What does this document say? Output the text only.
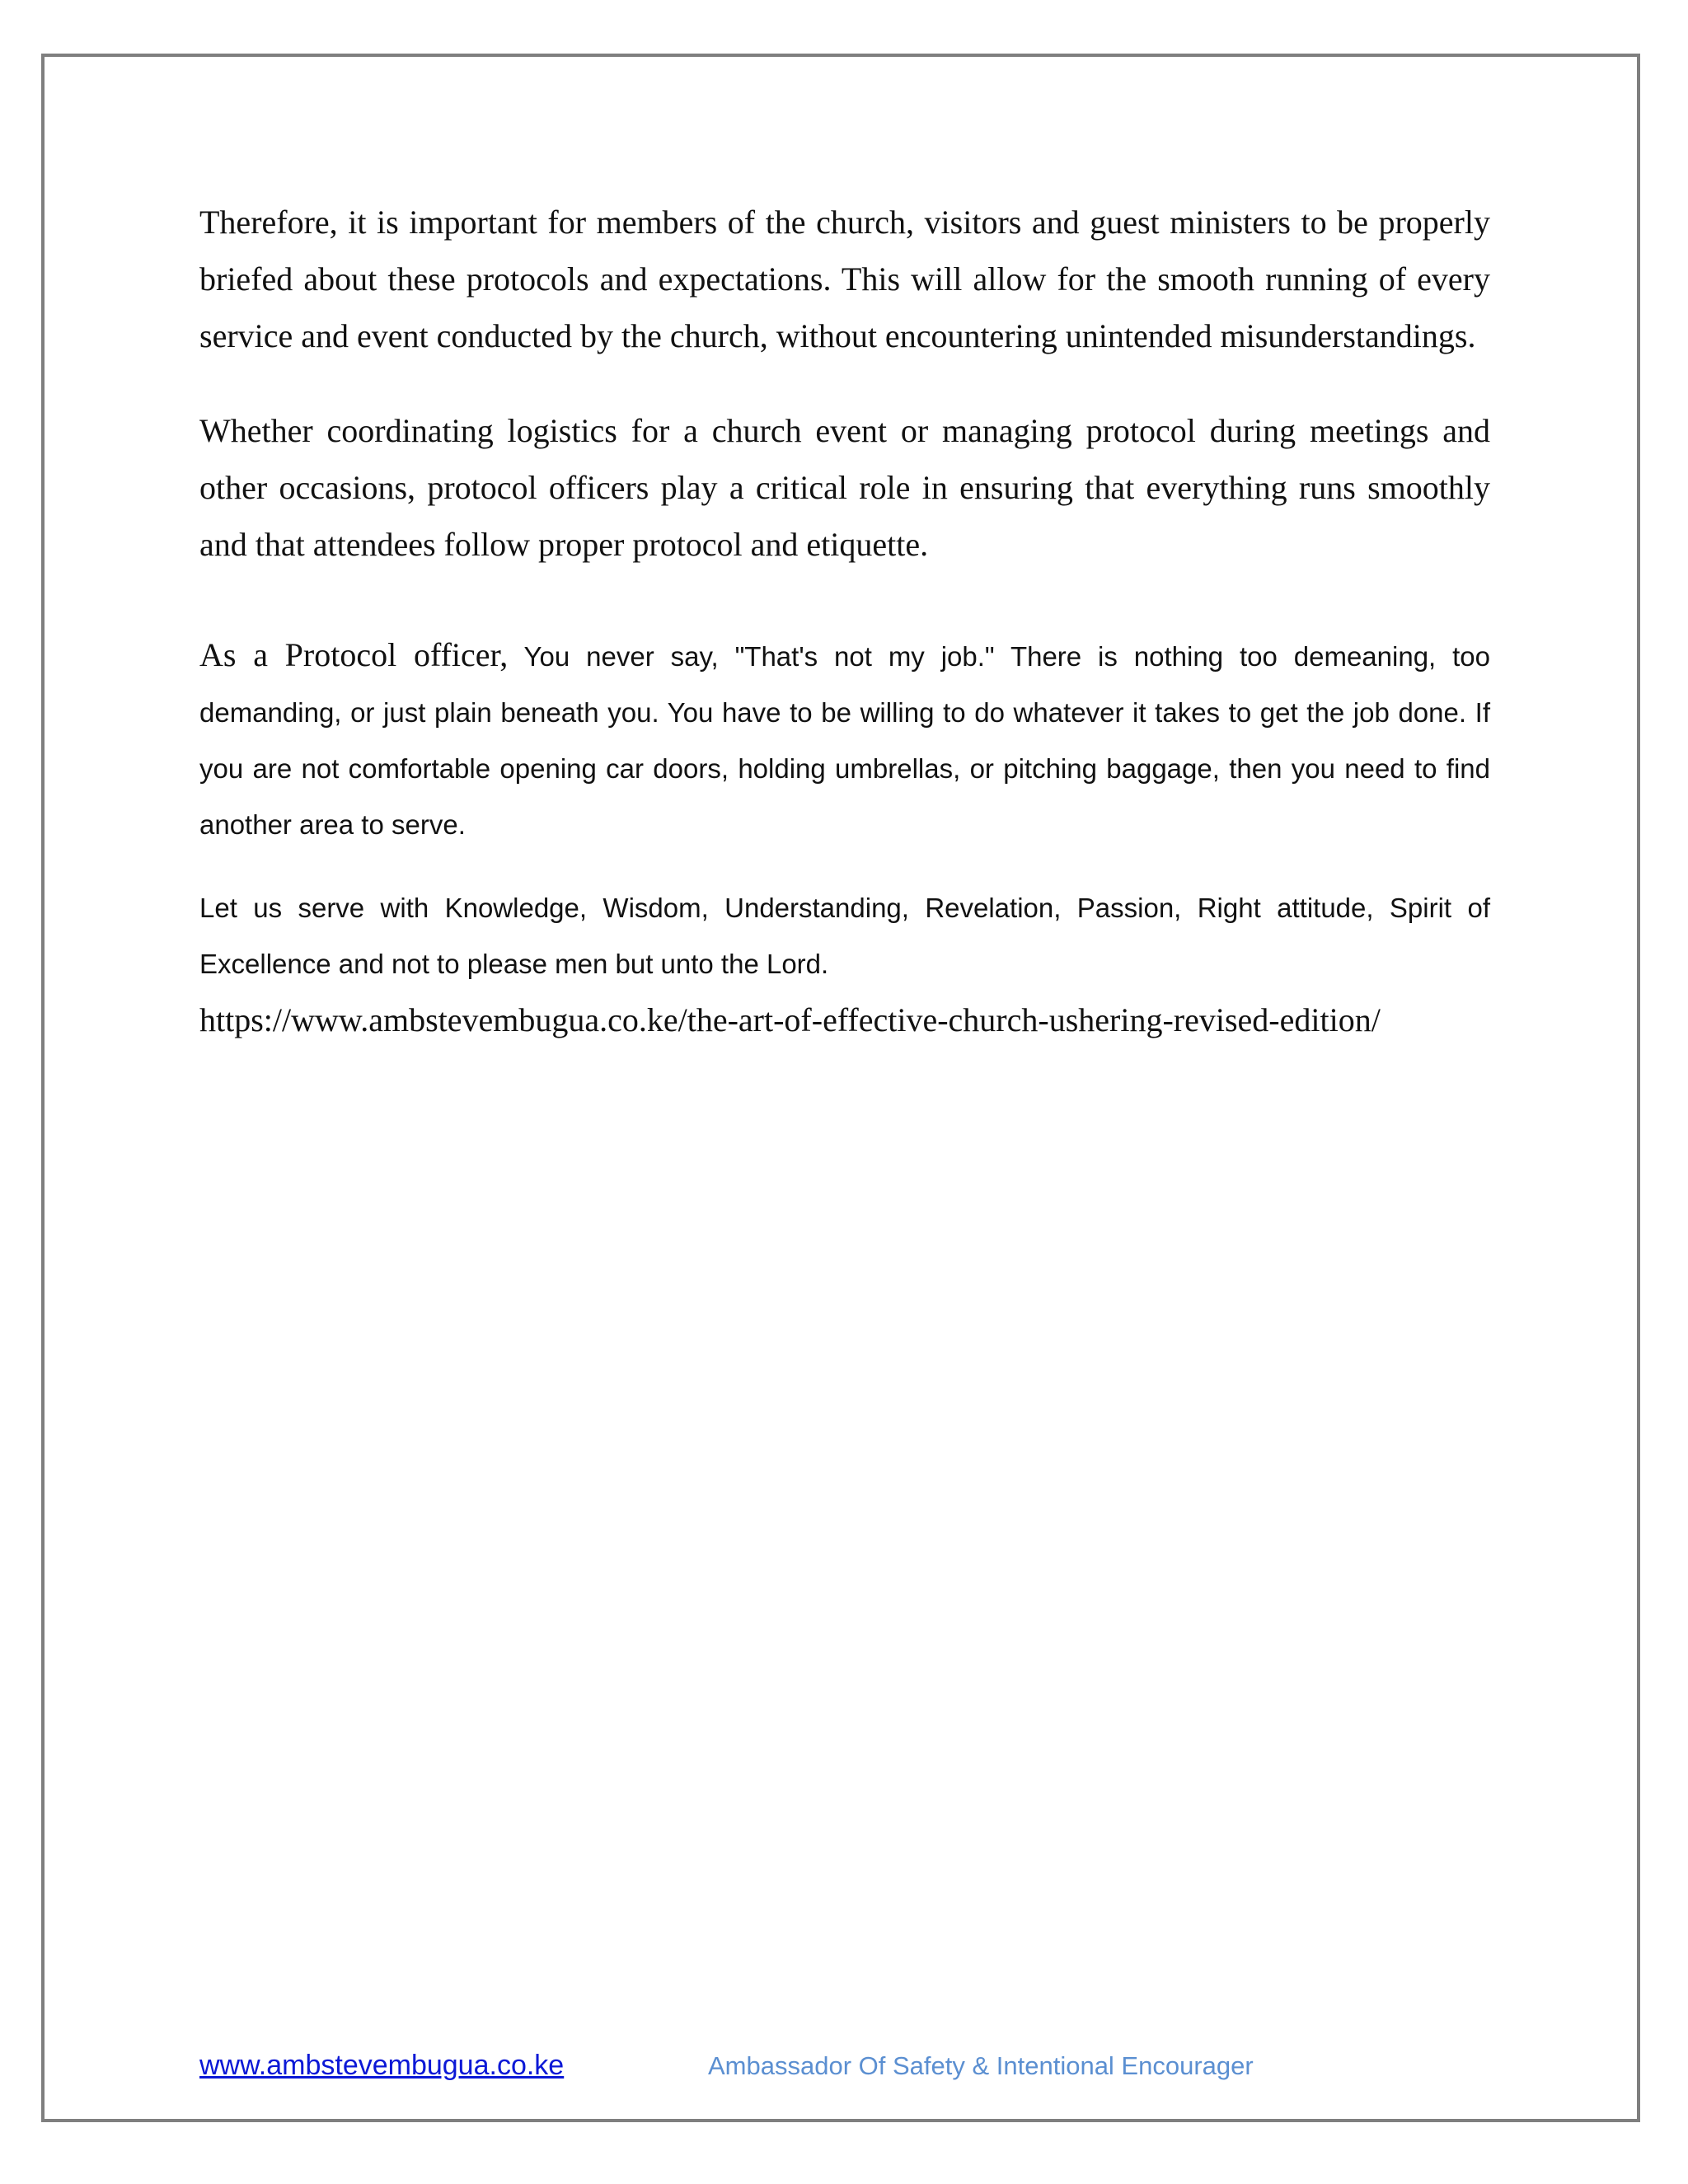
Therefore, it is important for members of the church, visitors and guest ministers to be properly briefed about these protocols and expectations. This will allow for the smooth running of every service and event conducted by the church, without encountering unintended misunderstandings.

Whether coordinating logistics for a church event or managing protocol during meetings and other occasions, protocol officers play a critical role in ensuring that everything runs smoothly and that attendees follow proper protocol and etiquette.

As a Protocol officer, You never say, "That's not my job." There is nothing too demeaning, too demanding, or just plain beneath you. You have to be willing to do whatever it takes to get the job done. If you are not comfortable opening car doors, holding umbrellas, or pitching baggage, then you need to find another area to serve.

Let us serve with Knowledge, Wisdom, Understanding, Revelation, Passion, Right attitude, Spirit of Excellence and not to please men but unto the Lord.

https://www.ambstevembugua.co.ke/the-art-of-effective-church-ushering-revised-edition/

www.ambstevembugua.co.ke	Ambassador Of Safety & Intentional Encourager
